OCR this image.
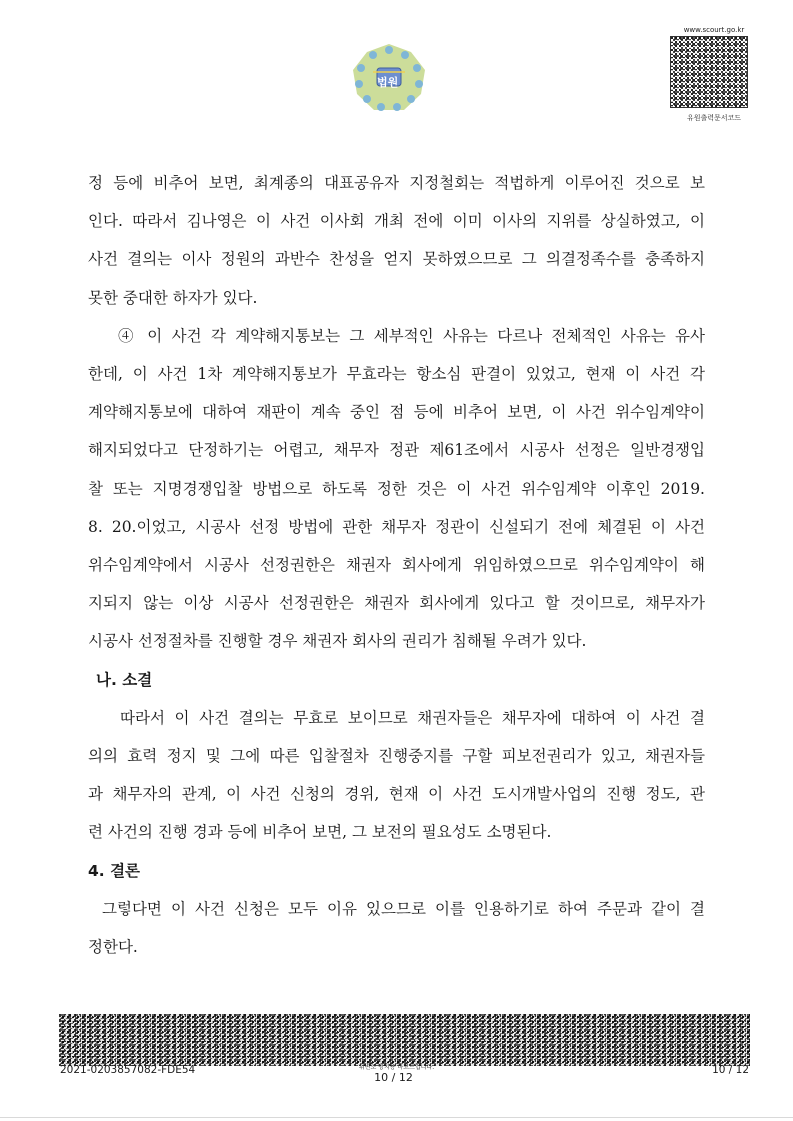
법원
www.scourt.go.kr
유원출력문서코드

정 등에 비추어 보면, 최계종의 대표공유자 지정철회는 적법하게 이루어진 것으로 보

인다. 따라서 김나영은 이 사건 이사회 개최 전에 이미 이사의 지위를 상실하였고, 이

사건 결의는 이사 정원의 과반수 찬성을 얻지 못하였으므로 그 의결정족수를 충족하지

못한 중대한 하자가 있다.

④ 이 사건 각 계약해지통보는 그 세부적인 사유는 다르나 전체적인 사유는 유사

한데, 이 사건 1차 계약해지통보가 무효라는 항소심 판결이 있었고, 현재 이 사건 각

계약해지통보에 대하여 재판이 계속 중인 점 등에 비추어 보면, 이 사건 위수임계약이

해지되었다고 단정하기는 어렵고, 채무자 정관 제61조에서 시공사 선정은 일반경쟁입

찰 또는 지명경쟁입찰 방법으로 하도록 정한 것은 이 사건 위수임계약 이후인 2019.

8. 20.이었고, 시공사 선정 방법에 관한 채무자 정관이 신설되기 전에 체결된 이 사건

위수임계약에서 시공사 선정권한은 채권자 회사에게 위임하였으므로 위수임계약이 해

지되지 않는 이상 시공사 선정권한은 채권자 회사에게 있다고 할 것이므로, 채무자가

시공사 선정절차를 진행할 경우 채권자 회사의 권리가 침해될 우려가 있다.

나. 소결

따라서 이 사건 결의는 무효로 보이므로 채권자들은 채무자에 대하여 이 사건 결

의의 효력 정지 및 그에 따른 입찰절차 진행중지를 구할 피보전권리가 있고, 채권자들

과 채무자의 관계, 이 사건 신청의 경위, 현재 이 사건 도시개발사업의 진행 정도, 관

련 사건의 진행 경과 등에 비추어 보면, 그 보전의 필요성도 소명된다.

4. 결론

그렇다면 이 사건 신청은 모두 이유 있으므로 이를 인용하기로 하여 주문과 같이 결

정한다.

2021-0203857082-FDE54	위변조 방지용 바코드입니다.
10 / 12
10 / 12
